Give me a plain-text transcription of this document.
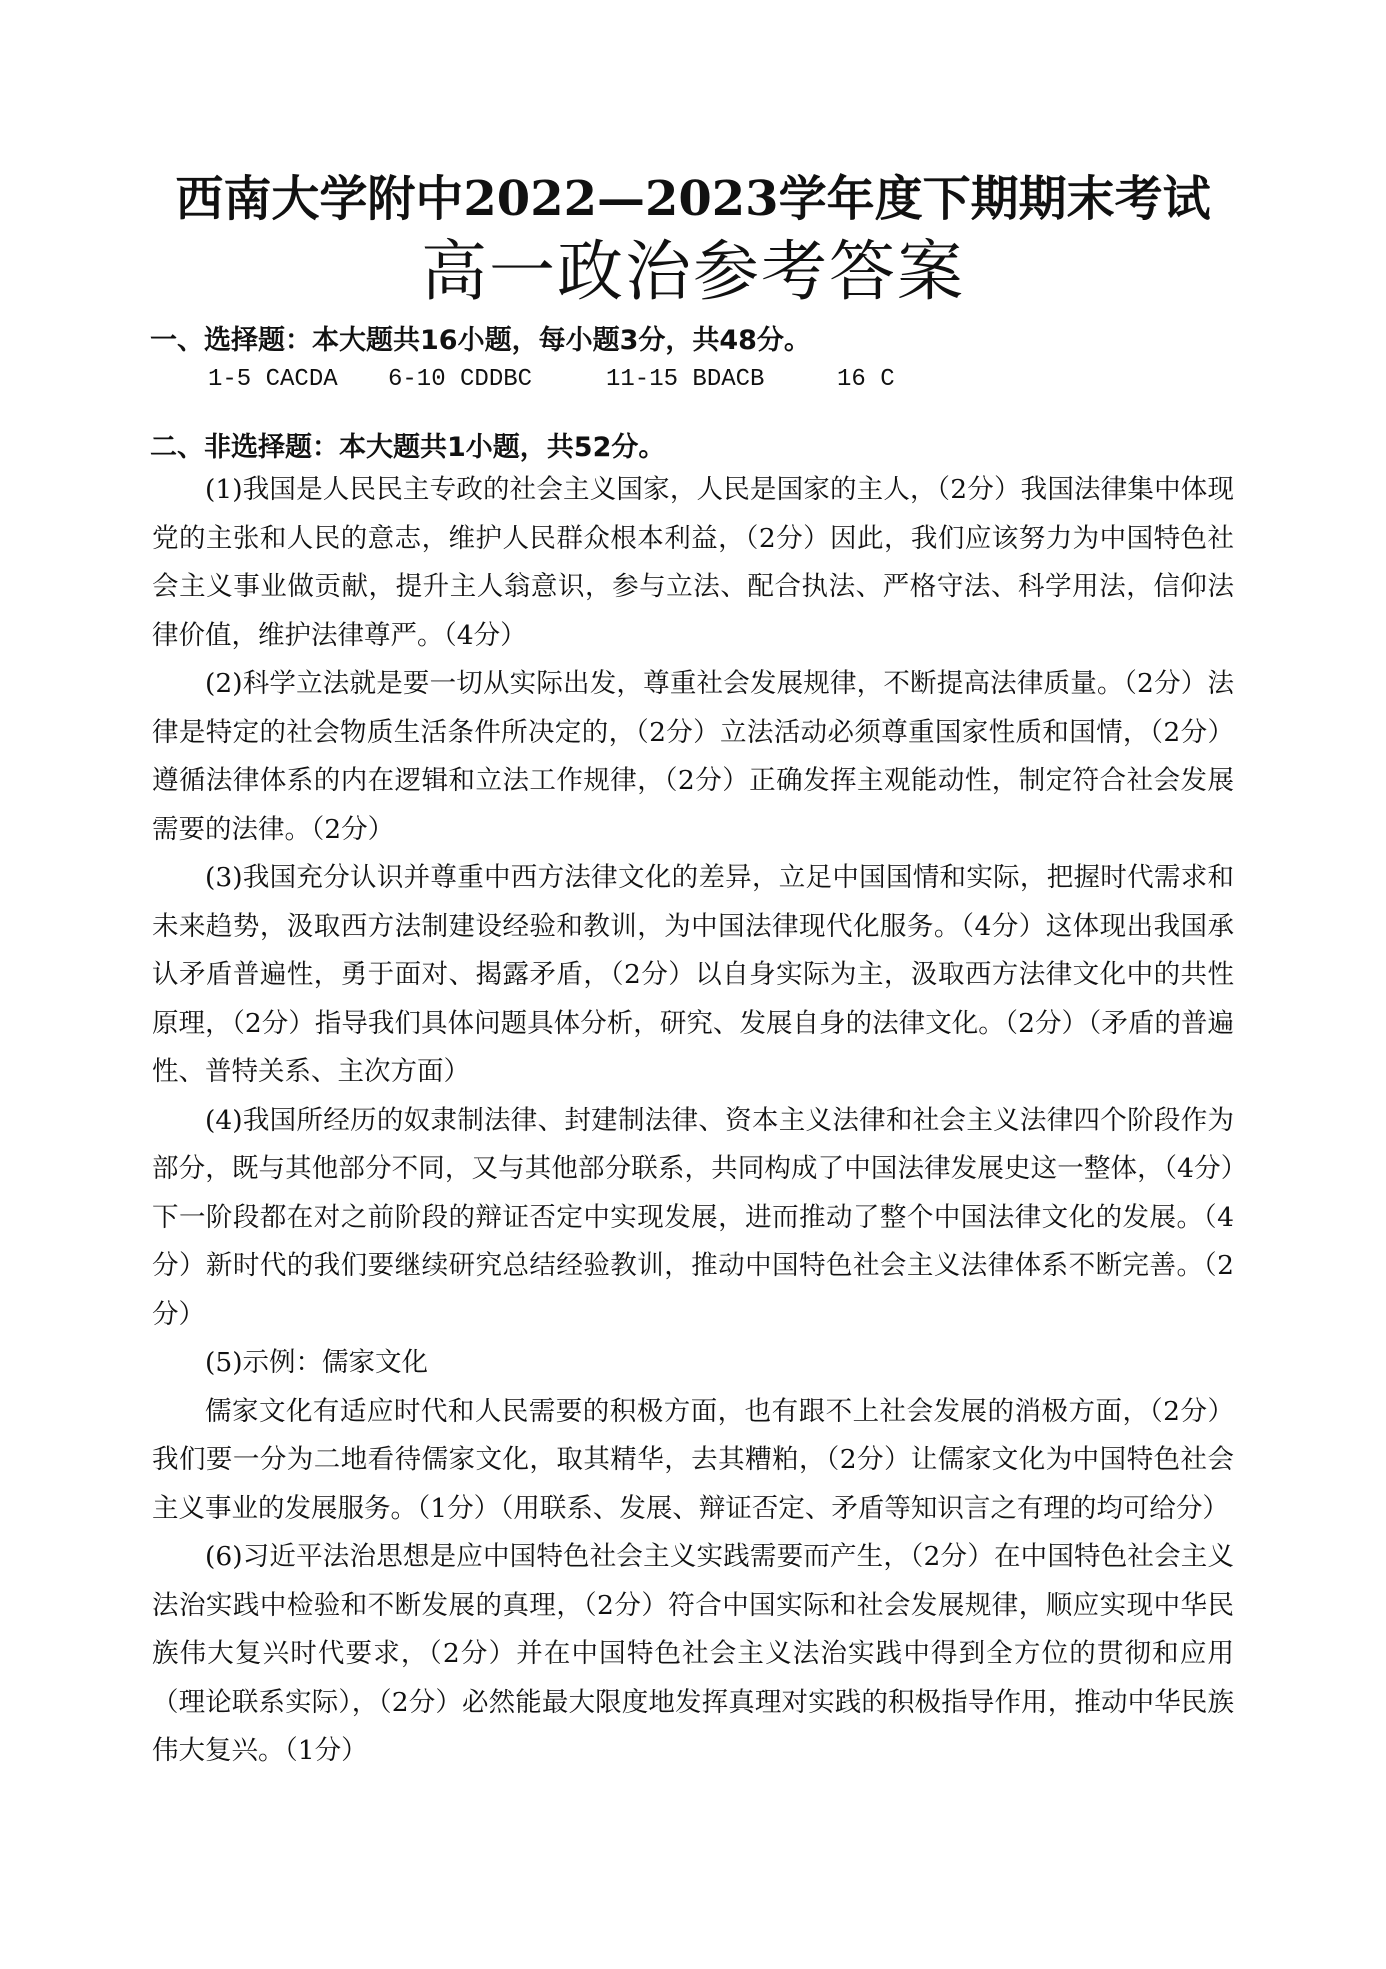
西南大学附中2022—2023学年度下期期末考试
高一政治参考答案
一、选择题：本大题共16小题，每小题3分，共48分。
1-5 CACDA	6-10 CDDBC	11-15 BDACB	16 C
二、非选择题：本大题共1小题，共52分。

(1)我国是人民民主专政的社会主义国家，人民是国家的主人，（2分）我国法律集中体现党的主张和人民的意志，维护人民群众根本利益，（2分）因此，我们应该努力为中国特色社会主义事业做贡献，提升主人翁意识，参与立法、配合执法、严格守法、科学用法，信仰法律价值，维护法律尊严。（4分）

(2)科学立法就是要一切从实际出发，尊重社会发展规律，不断提高法律质量。（2分）法律是特定的社会物质生活条件所决定的，（2分）立法活动必须尊重国家性质和国情，（2分）遵循法律体系的内在逻辑和立法工作规律，（2分）正确发挥主观能动性，制定符合社会发展需要的法律。（2分）

(3)我国充分认识并尊重中西方法律文化的差异，立足中国国情和实际，把握时代需求和未来趋势，汲取西方法制建设经验和教训，为中国法律现代化服务。（4分）这体现出我国承认矛盾普遍性，勇于面对、揭露矛盾，（2分）以自身实际为主，汲取西方法律文化中的共性原理，（2分）指导我们具体问题具体分析，研究、发展自身的法律文化。（2分）（矛盾的普遍性、普特关系、主次方面）

(4)我国所经历的奴隶制法律、封建制法律、资本主义法律和社会主义法律四个阶段作为部分，既与其他部分不同，又与其他部分联系，共同构成了中国法律发展史这一整体，（4分）下一阶段都在对之前阶段的辩证否定中实现发展，进而推动了整个中国法律文化的发展。（4分）新时代的我们要继续研究总结经验教训，推动中国特色社会主义法律体系不断完善。（2分）

(5)示例：儒家文化

儒家文化有适应时代和人民需要的积极方面，也有跟不上社会发展的消极方面，（2分）我们要一分为二地看待儒家文化，取其精华，去其糟粕，（2分）让儒家文化为中国特色社会主义事业的发展服务。（1分）（用联系、发展、辩证否定、矛盾等知识言之有理的均可给分）

(6)习近平法治思想是应中国特色社会主义实践需要而产生，（2分）在中国特色社会主义法治实践中检验和不断发展的真理，（2分）符合中国实际和社会发展规律，顺应实现中华民族伟大复兴时代要求，（2分）并在中国特色社会主义法治实践中得到全方位的贯彻和应用（理论联系实际），（2分）必然能最大限度地发挥真理对实践的积极指导作用，推动中华民族伟大复兴。（1分）
